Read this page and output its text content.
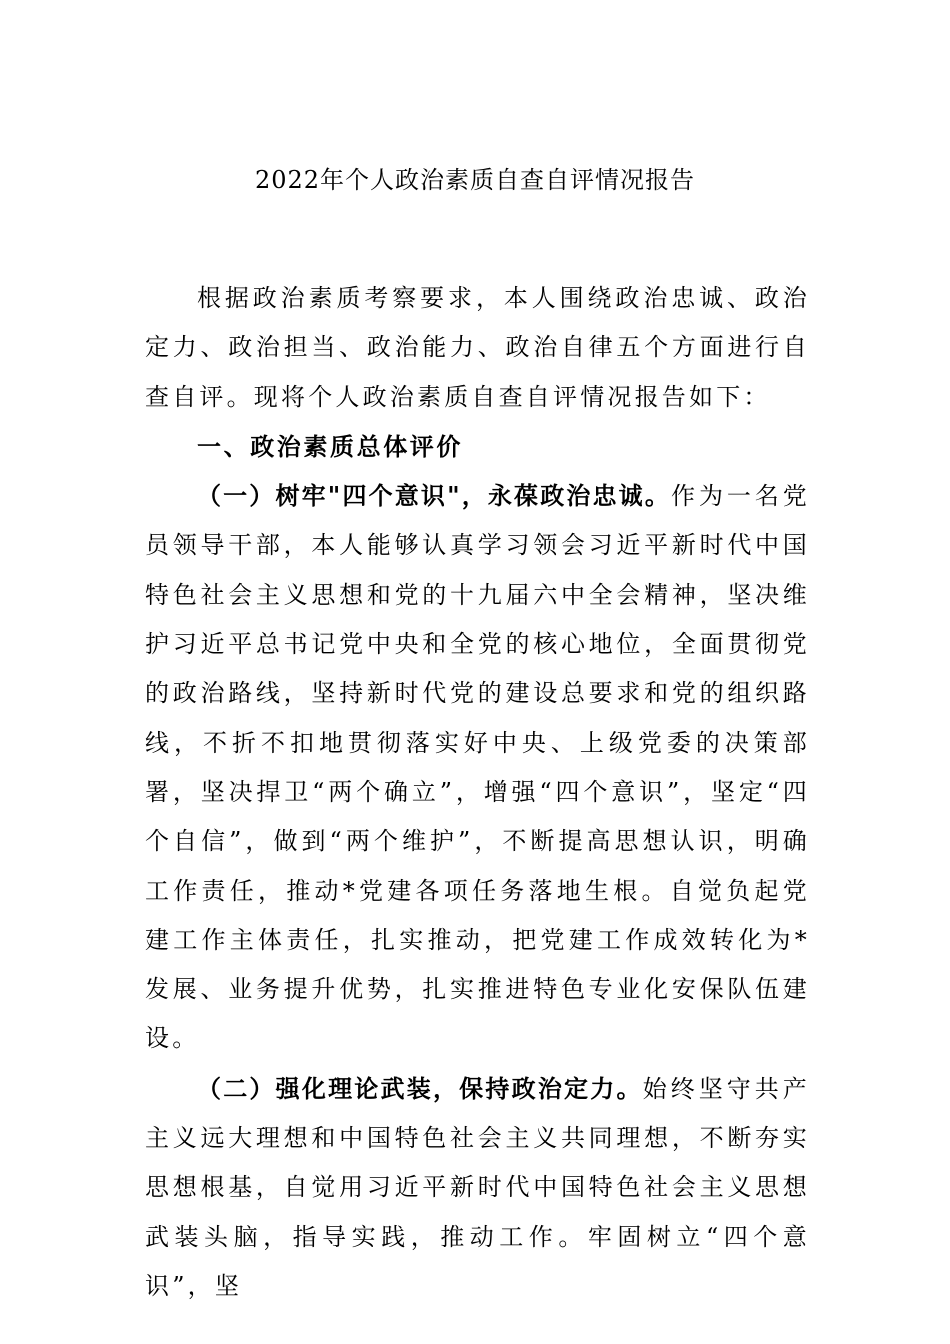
2022年个人政治素质自查自评情况报告

根据政治素质考察要求，本人围绕政治忠诚、政治定力、政治担当、政治能力、政治自律五个方面进行自查自评。现将个人政治素质自查自评情况报告如下：

一、政治素质总体评价

（一）树牢"四个意识"，永葆政治忠诚。作为一名党员领导干部，本人能够认真学习领会习近平新时代中国特色社会主义思想和党的十九届六中全会精神，坚决维护习近平总书记党中央和全党的核心地位，全面贯彻党的政治路线，坚持新时代党的建设总要求和党的组织路线，不折不扣地贯彻落实好中央、上级党委的决策部署，坚决捍卫“两个确立”，增强“四个意识”，坚定“四个自信”，做到“两个维护”，不断提高思想认识，明确工作责任，推动*党建各项任务落地生根。自觉负起党建工作主体责任，扎实推动，把党建工作成效转化为*发展、业务提升优势，扎实推进特色专业化安保队伍建设。

（二）强化理论武装，保持政治定力。始终坚守共产主义远大理想和中国特色社会主义共同理想，不断夯实思想根基，自觉用习近平新时代中国特色社会主义思想武装头脑，指导实践，推动工作。牢固树立“四个意识”，坚
